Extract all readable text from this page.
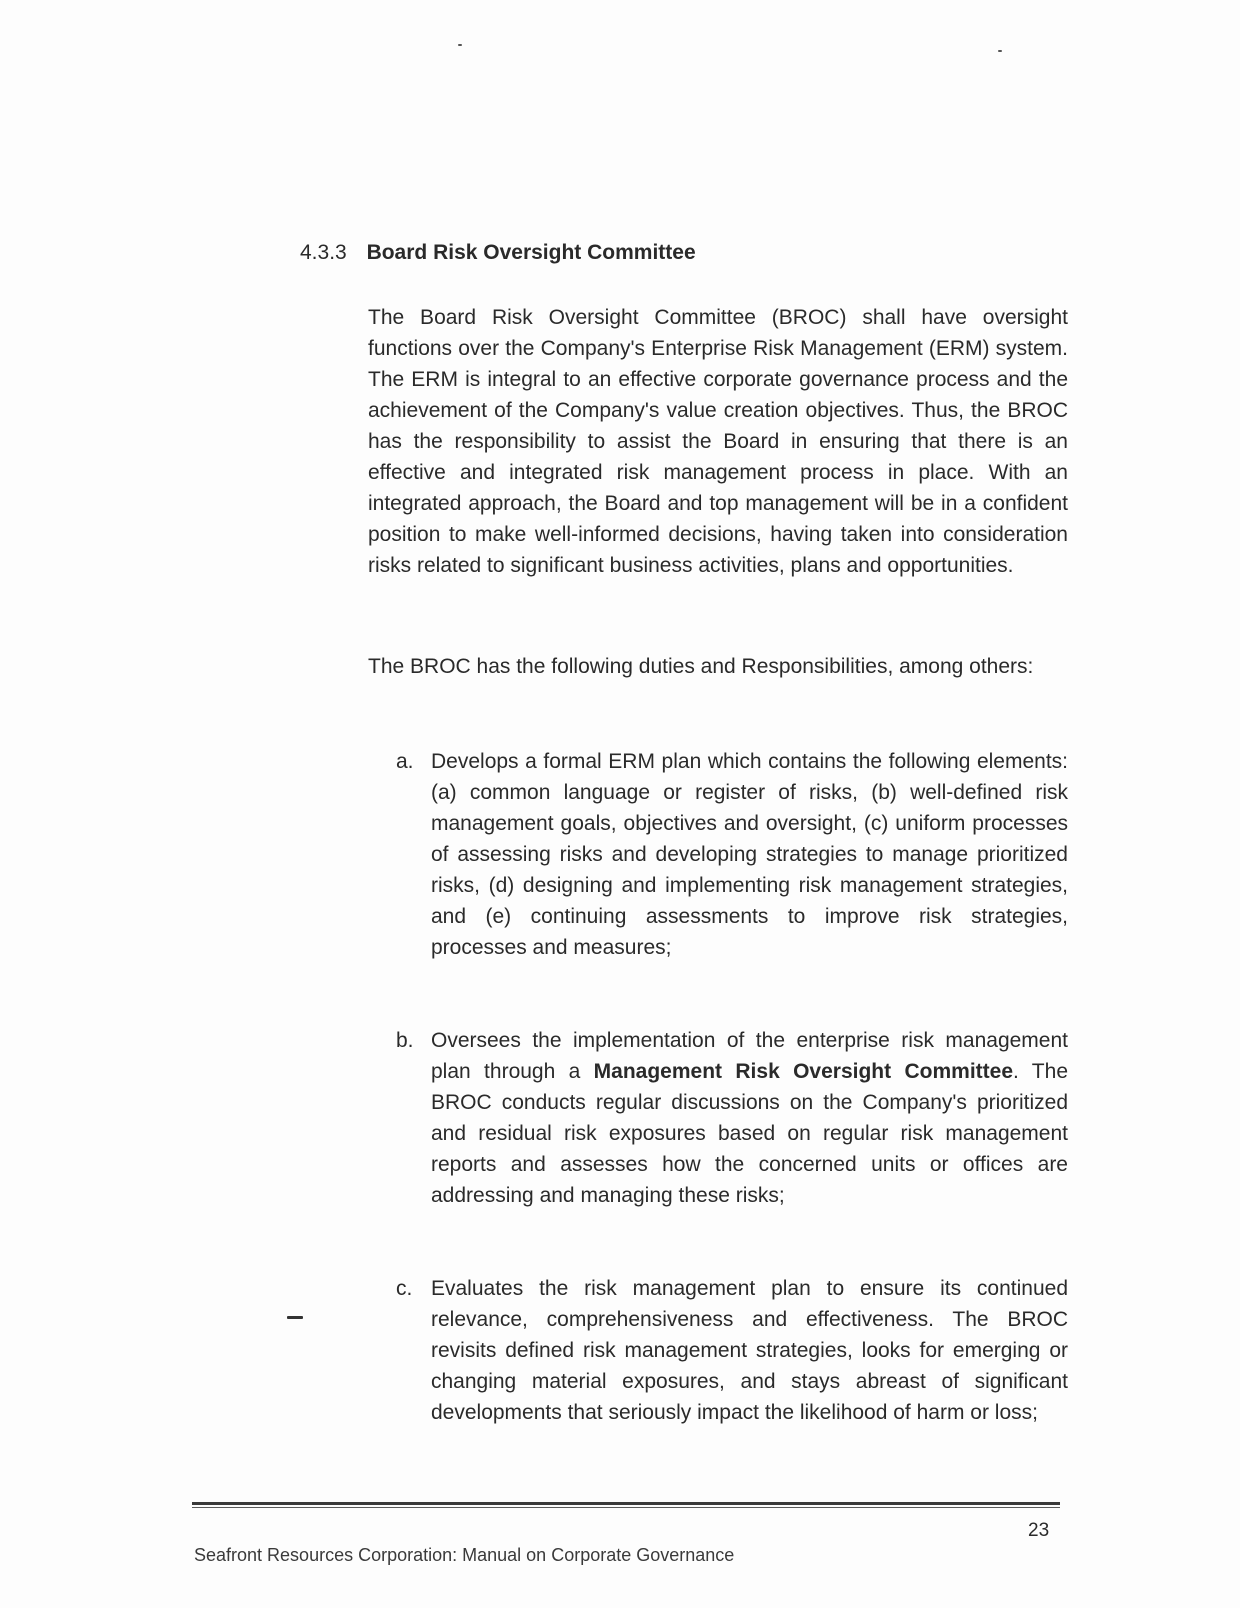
4.3.3 Board Risk Oversight Committee

The Board Risk Oversight Committee (BROC) shall have oversight functions over the Company's Enterprise Risk Management (ERM) system. The ERM is integral to an effective corporate governance process and the achievement of the Company's value creation objectives. Thus, the BROC has the responsibility to assist the Board in ensuring that there is an effective and integrated risk management process in place. With an integrated approach, the Board and top management will be in a confident position to make well-informed decisions, having taken into consideration risks related to significant business activities, plans and opportunities.

The BROC has the following duties and Responsibilities, among others:

a. Develops a formal ERM plan which contains the following elements: (a) common language or register of risks, (b) well-defined risk management goals, objectives and oversight, (c) uniform processes of assessing risks and developing strategies to manage prioritized risks, (d) designing and implementing risk management strategies, and (e) continuing assessments to improve risk strategies, processes and measures;
b. Oversees the implementation of the enterprise risk management plan through a Management Risk Oversight Committee. The BROC conducts regular discussions on the Company's prioritized and residual risk exposures based on regular risk management reports and assesses how the concerned units or offices are addressing and managing these risks;
c. Evaluates the risk management plan to ensure its continued relevance, comprehensiveness and effectiveness. The BROC revisits defined risk management strategies, looks for emerging or changing material exposures, and stays abreast of significant developments that seriously impact the likelihood of harm or loss;
23
Seafront Resources Corporation: Manual on Corporate Governance
